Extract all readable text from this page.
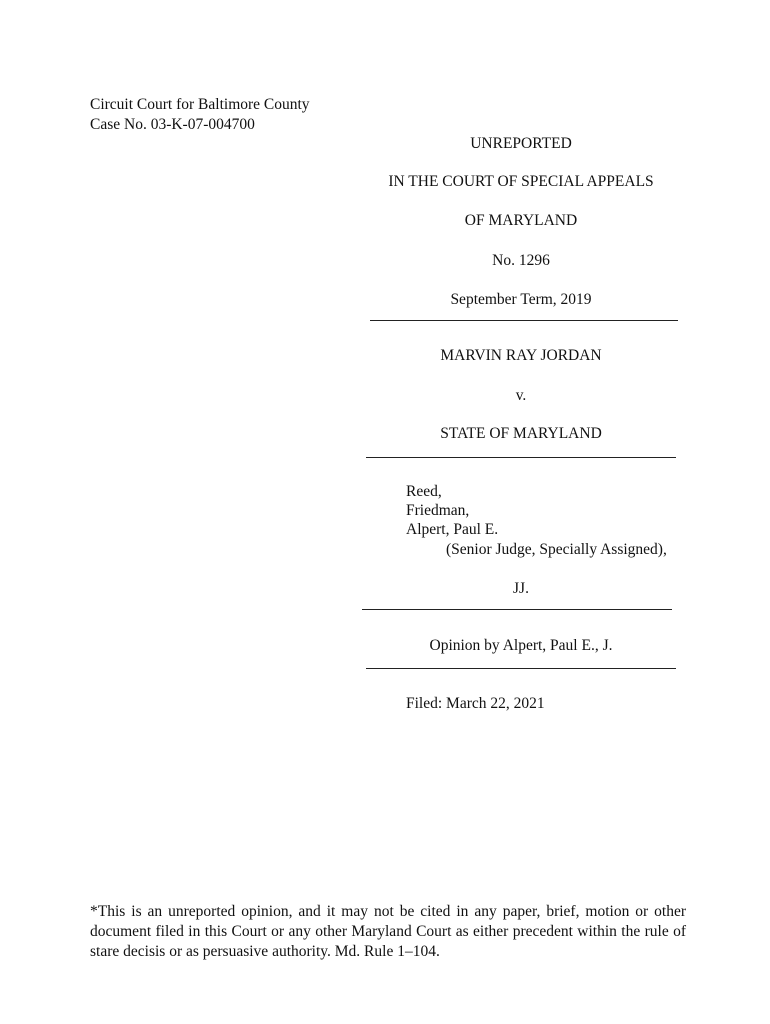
Circuit Court for Baltimore County
Case No. 03-K-07-004700
UNREPORTED
IN THE COURT OF SPECIAL APPEALS
OF MARYLAND
No. 1296
September Term, 2019
MARVIN RAY JORDAN
v.
STATE OF MARYLAND
Reed,
Friedman,
Alpert, Paul E.
(Senior Judge, Specially Assigned),
JJ.
Opinion by Alpert, Paul E., J.
Filed: March 22, 2021
*This is an unreported opinion, and it may not be cited in any paper, brief, motion or other document filed in this Court or any other Maryland Court as either precedent within the rule of stare decisis or as persuasive authority. Md. Rule 1–104.
